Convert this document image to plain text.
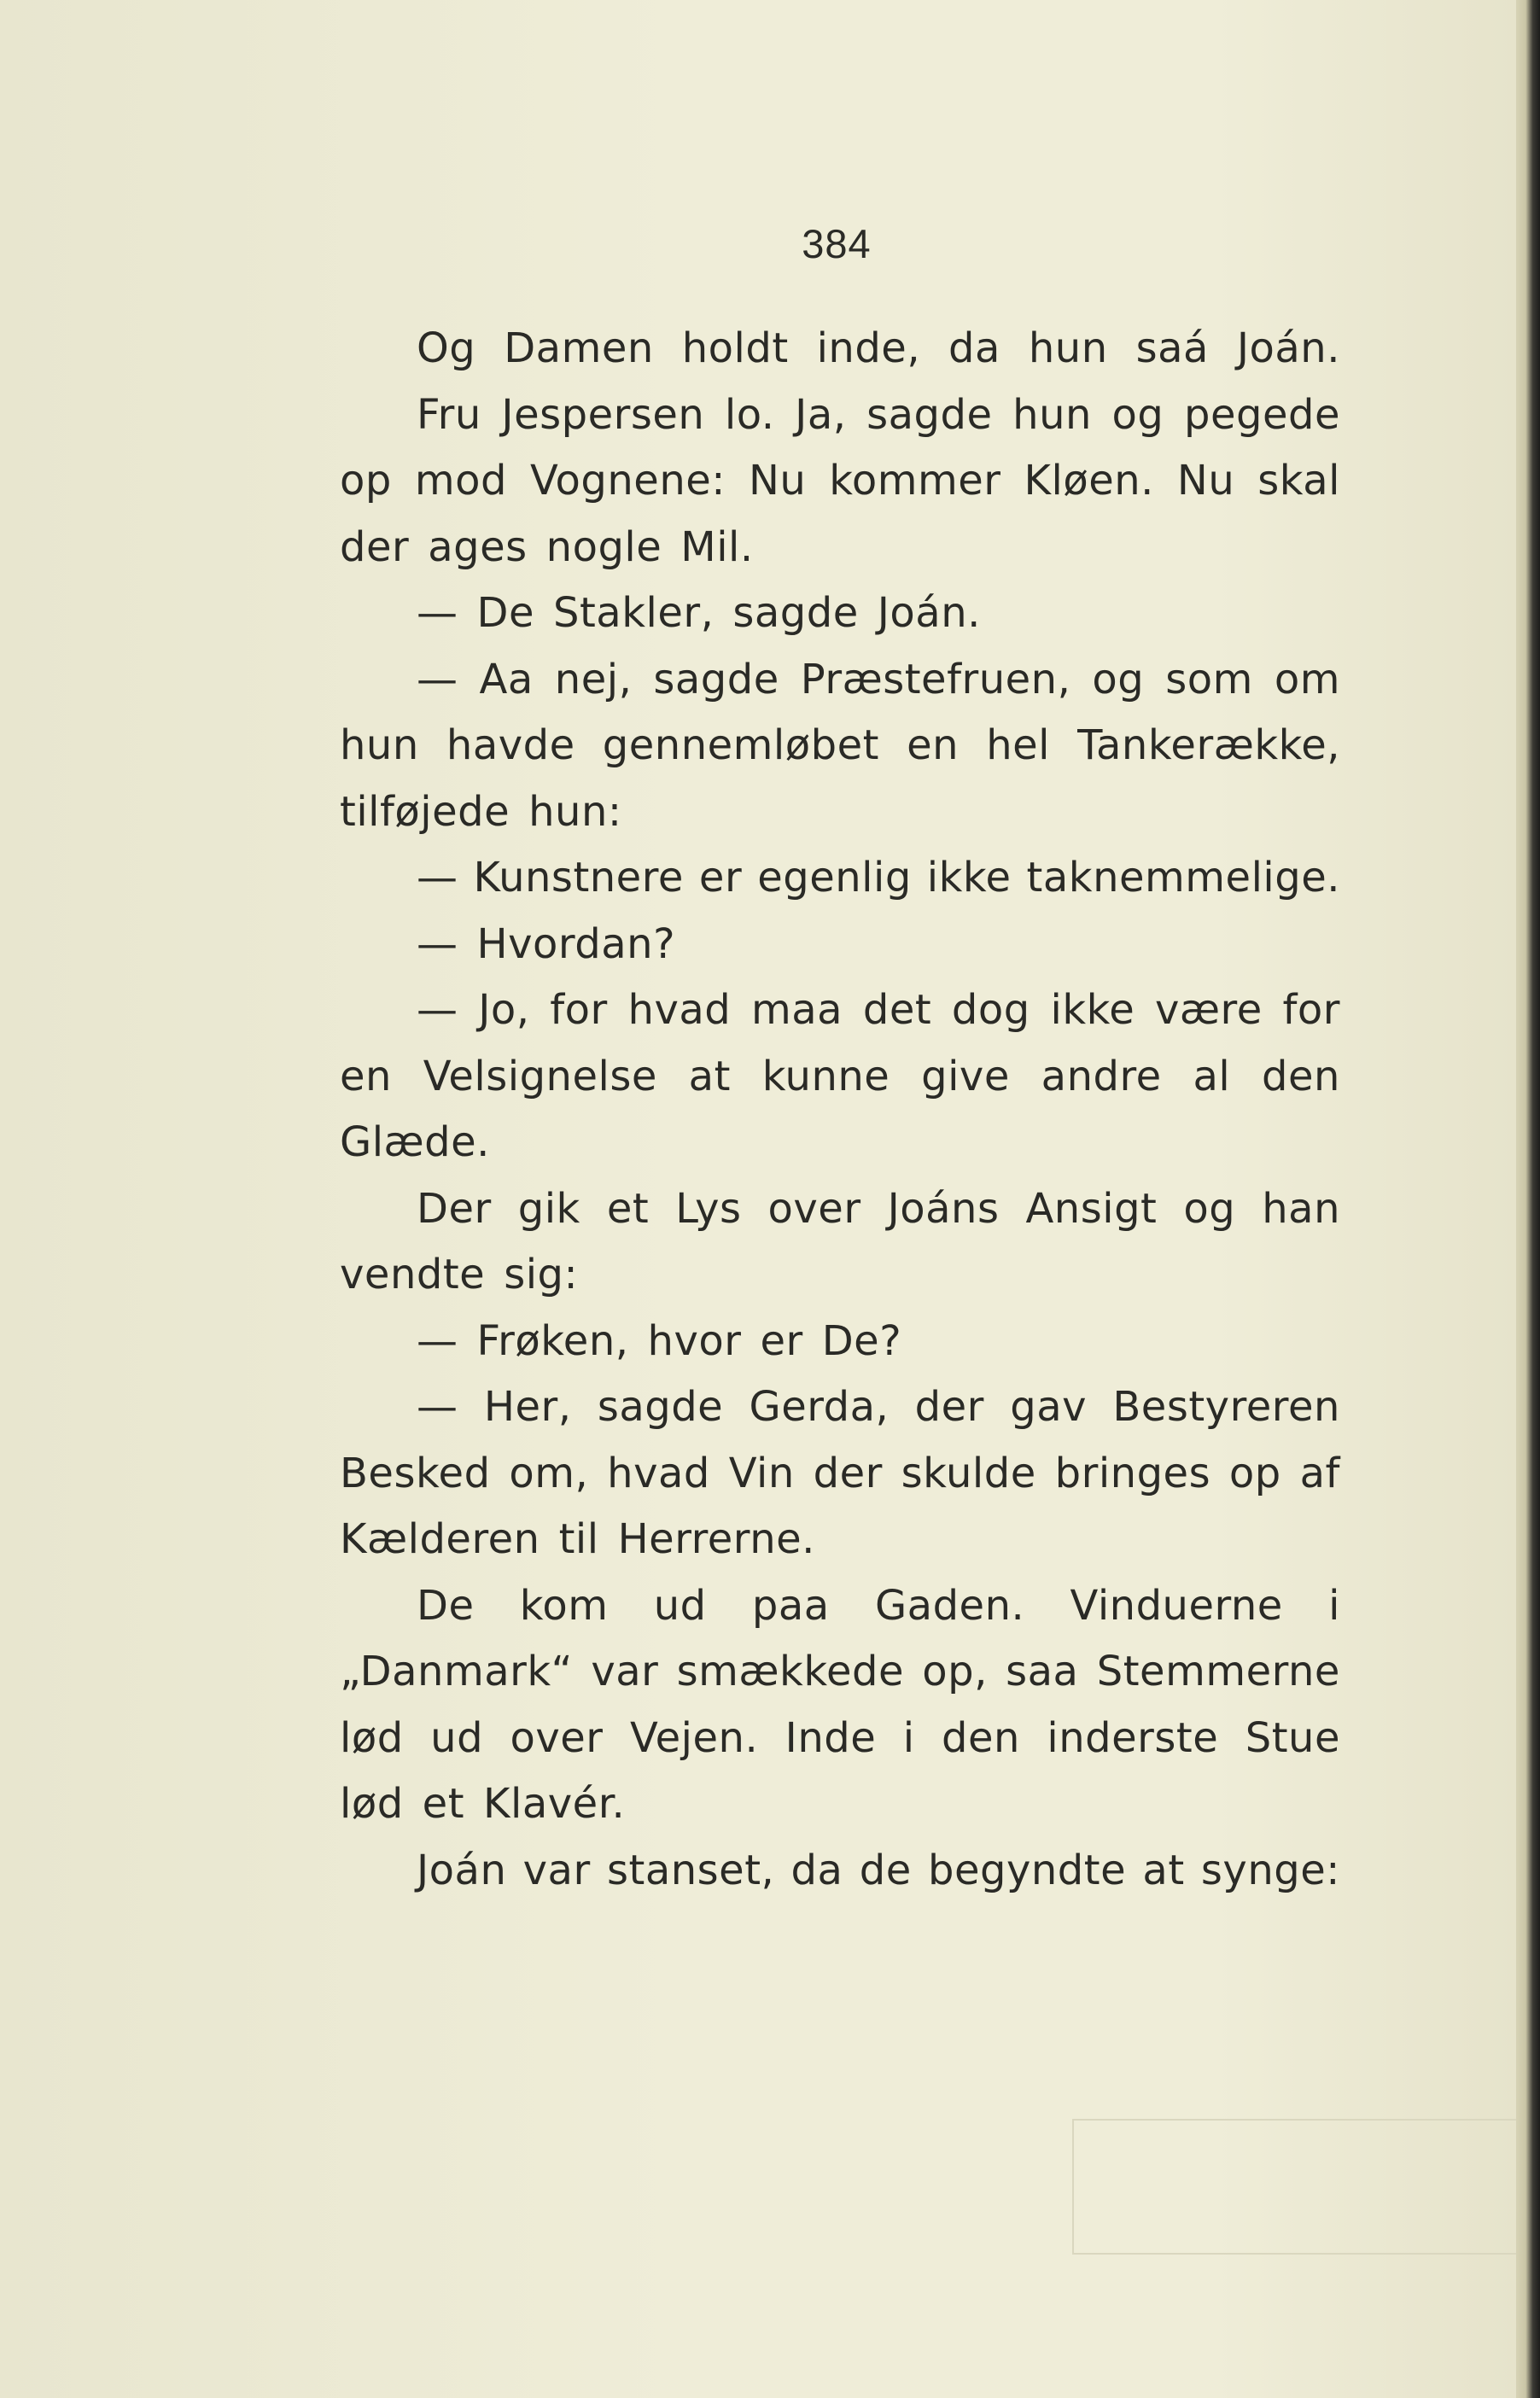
384
Og Damen holdt inde, da hun saá Joán.
Fru Jespersen lo. Ja, sagde hun og pegede
op mod Vognene: Nu kommer Kløen. Nu skal
der ages nogle Mil.
— De Stakler, sagde Joán.
— Aa nej, sagde Præstefruen, og som om
hun havde gennemløbet en hel Tankerække,
tilføjede hun:
— Kunstnere er egenlig ikke taknemmelige.
— Hvordan?
— Jo, for hvad maa det dog ikke være for
en Velsignelse at kunne give andre al den
Glæde.
Der gik et Lys over Joáns Ansigt og han
vendte sig:
— Frøken, hvor er De?
— Her, sagde Gerda, der gav Bestyreren
Besked om, hvad Vin der skulde bringes op af
Kælderen til Herrerne.
De kom ud paa Gaden. Vinduerne i
„Danmark“ var smækkede op, saa Stemmerne
lød ud over Vejen. Inde i den inderste Stue
lød et Klavér.
Joán var stanset, da de begyndte at synge:
